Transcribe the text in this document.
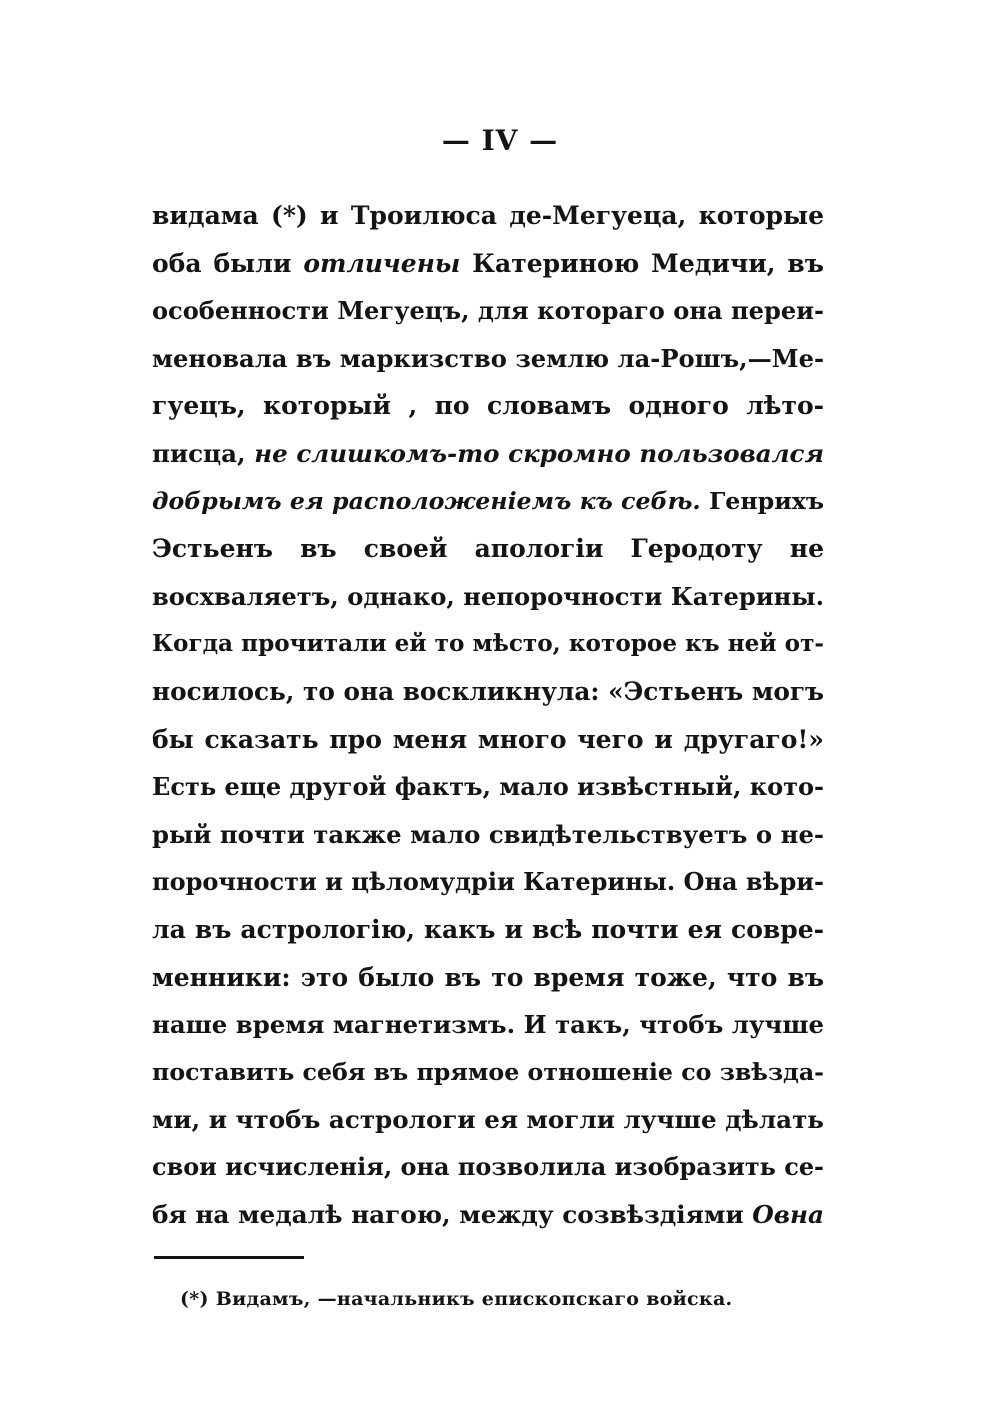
— IV —
видама (*) и Троилюса де-Мегуеца, которые
оба были отличены Катериною Медичи, въ
особенности Мегуецъ, для котораго она переи-
меновала въ маркизство землю ла-Рошъ,—Ме-
гуецъ, который , по словамъ одного лѣто-
писца, не слишкомъ-то скромно пользовался
добрымъ ея расположеніемъ къ себѣ. Генрихъ
Эстьенъ въ своей апологіи Геродоту не
восхваляетъ, однако, непорочности Катерины.
Когда прочитали ей то мѣсто, которое къ ней от-
носилось, то она воскликнула: «Эстьенъ могъ
бы сказать про меня много чего и другаго!»
Есть еще другой фактъ, мало извѣстный, кото-
рый почти также мало свидѣтельствуетъ о не-
порочности и цѣломудріи Катерины. Она вѣри-
ла въ астрологію, какъ и всѣ почти ея совре-
менники: это было въ то время тоже, что въ
наше время магнетизмъ. И такъ, чтобъ лучше
поставить себя въ прямое отношеніе со звѣзда-
ми, и чтобъ астрологи ея могли лучше дѣлать
свои исчисленія, она позволила изобразить се-
бя на медалѣ нагою, между созвѣздіями Овна
(*) Видамъ, —начальникъ епископскаго войска.
